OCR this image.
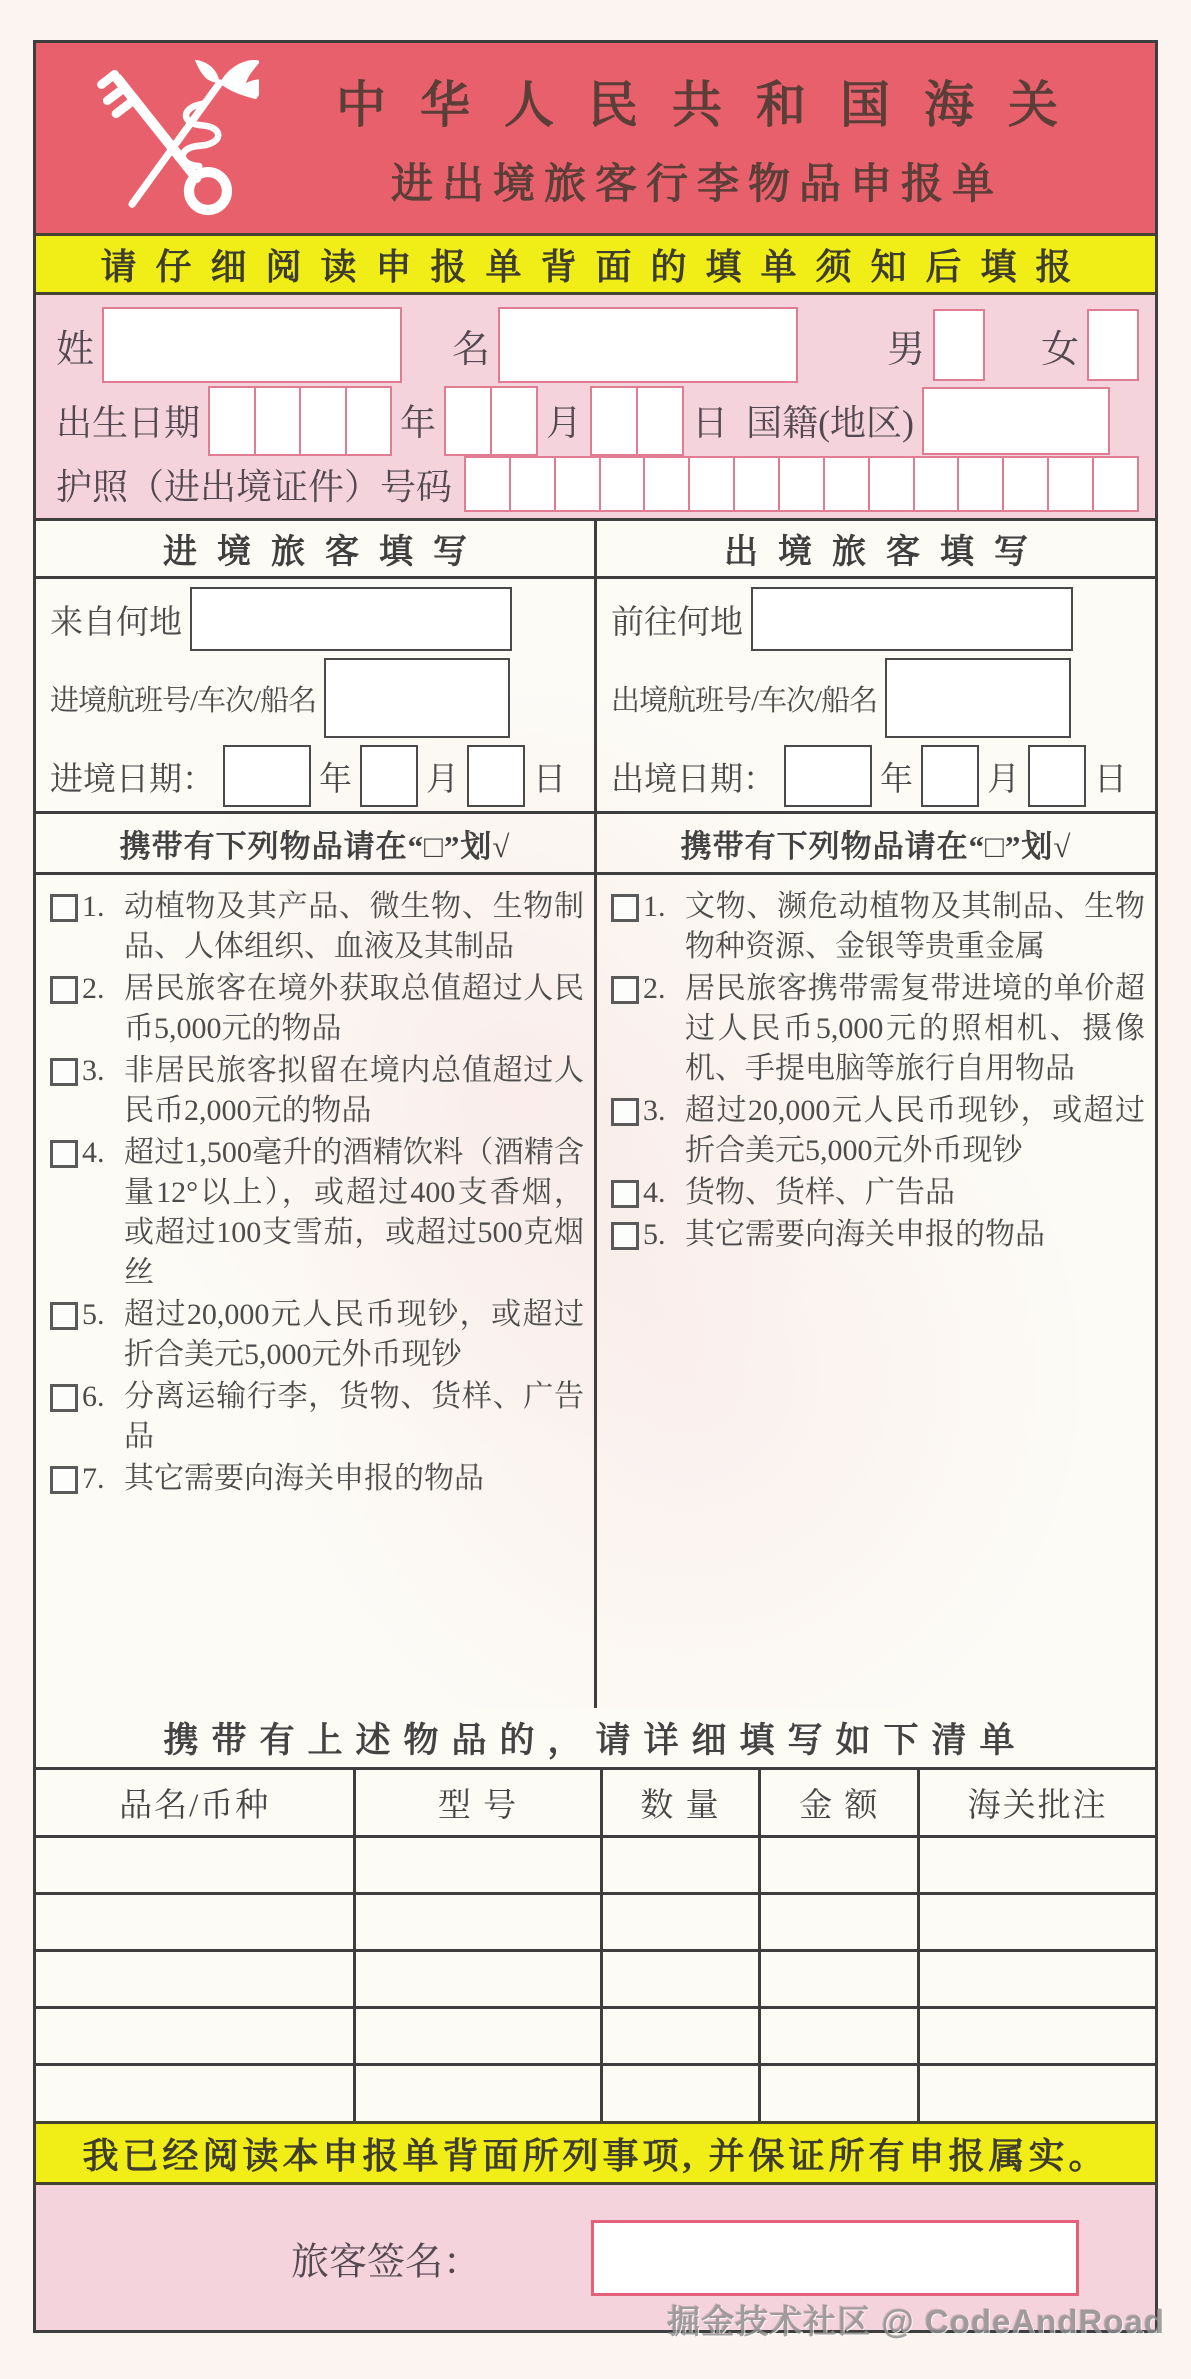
中华人民共和国海关
进出境旅客行李物品申报单
请仔细阅读申报单背面的填单须知后填报
姓	名	男	女
出生日期	年	月	日 国籍(地区)
护照（进出境证件）号码
进境旅客填写
来自何地
进境航班号/车次/船名
进境日期：	年 月 日
携带有下列物品请在“□”划√
1. 动植物及其产品、微生物、生物制品、人体组织、血液及其制品
2. 居民旅客在境外获取总值超过人民币5,000元的物品
3. 非居民旅客拟留在境内总值超过人民币2,000元的物品
4. 超过1,500毫升的酒精饮料（酒精含量12°以上），或超过400支香烟，或超过100支雪茄，或超过500克烟丝
5. 超过20,000元人民币现钞，或超过折合美元5,000元外币现钞
6. 分离运输行李，货物、货样、广告品
7. 其它需要向海关申报的物品
出境旅客填写
前往何地
出境航班号/车次/船名
出境日期：	年 月 日
携带有下列物品请在“□”划√
1. 文物、濒危动植物及其制品、生物物种资源、金银等贵重金属
2. 居民旅客携带需复带进境的单价超过人民币5,000元的照相机、摄像机、手提电脑等旅行自用物品
3. 超过20,000元人民币现钞，或超过折合美元5,000元外币现钞
4. 货物、货样、广告品
5. 其它需要向海关申报的物品
携带有上述物品的，请详细填写如下清单
品名/币种	型 号	数 量	金 额	海关批注

我已经阅读本申报单背面所列事项, 并保证所有申报属实。
旅客签名：
掘金技术社区 @ CodeAndRoad
